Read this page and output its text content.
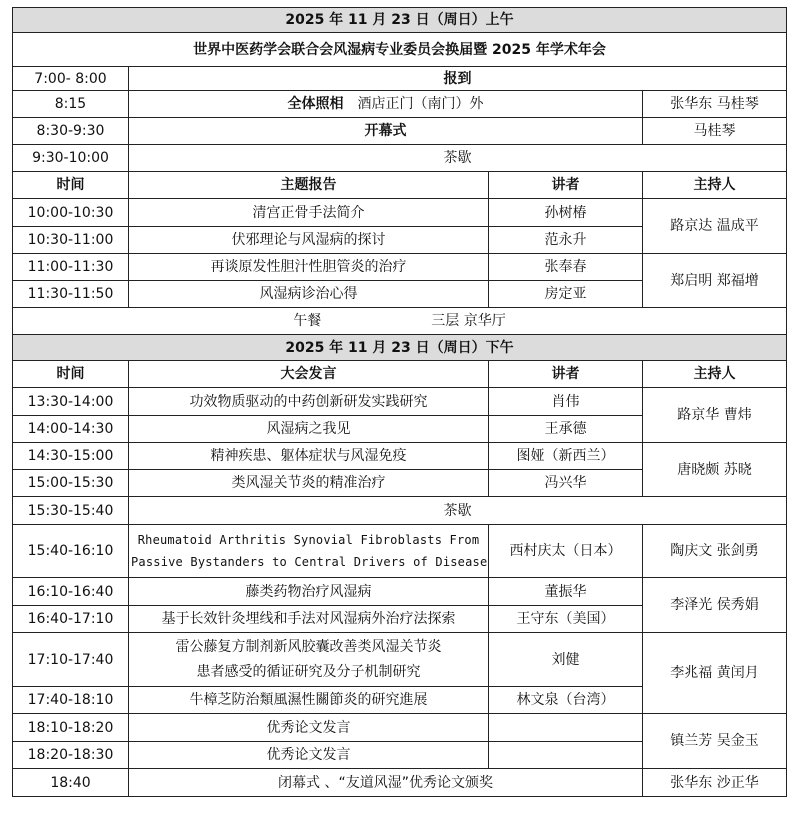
2025 年 11 月 23 日（周日）上午			
世界中医药学会联合会风湿病专业委员会换届暨 2025 年学术年会			
7:00- 8:00	报到		
8:15	全体照相 酒店正门（南门）外		张华东 马桂琴
8:30-9:30	开幕式		马桂琴
9:30-10:00	茶歇		
时间	主题报告	讲者	主持人
10:00-10:30	清宫正骨手法简介	孙树椿	路京达 温成平
10:30-11:00	伏邪理论与风湿病的探讨	范永升	
11:00-11:30	再谈原发性胆汁性胆管炎的治疗	张奉春	郑启明 郑福增
11:30-11:50	风湿病诊治心得	房定亚	
午餐 三层 京华厅			
2025 年 11 月 23 日（周日）下午			
时间	大会发言	讲者	主持人
13:30-14:00	功效物质驱动的中药创新研发实践研究	肖伟	路京华 曹炜
14:00-14:30	风湿病之我见	王承德	
14:30-15:00	精神疾患、躯体症状与风湿免疫	图娅（新西兰）	唐晓颇 苏晓
15:00-15:30	类风湿关节炎的精准治疗	冯兴华	
15:30-15:40	茶歇		
15:40-16:10	Rheumatoid Arthritis Synovial Fibroblasts From
Passive Bystanders to Central Drivers of Disease	西村庆太（日本）	陶庆文 张剑勇
16:10-16:40	藤类药物治疗风湿病	董振华	李泽光 侯秀娟
16:40-17:10	基于长效针灸埋线和手法对风湿病外治疗法探索	王守东（美国）	
17:10-17:40	雷公藤复方制剂新风胶囊改善类风湿关节炎
患者感受的循证研究及分子机制研究	刘健	李兆福 黄闰月
17:40-18:10	牛樟芝防治類風濕性關節炎的研究進展	林文泉（台湾）	
18:10-18:20	优秀论文发言		镇兰芳 吴金玉
18:20-18:30	优秀论文发言		
18:40	闭幕式 、“友道风湿”优秀论文颁奖		张华东 沙正华
